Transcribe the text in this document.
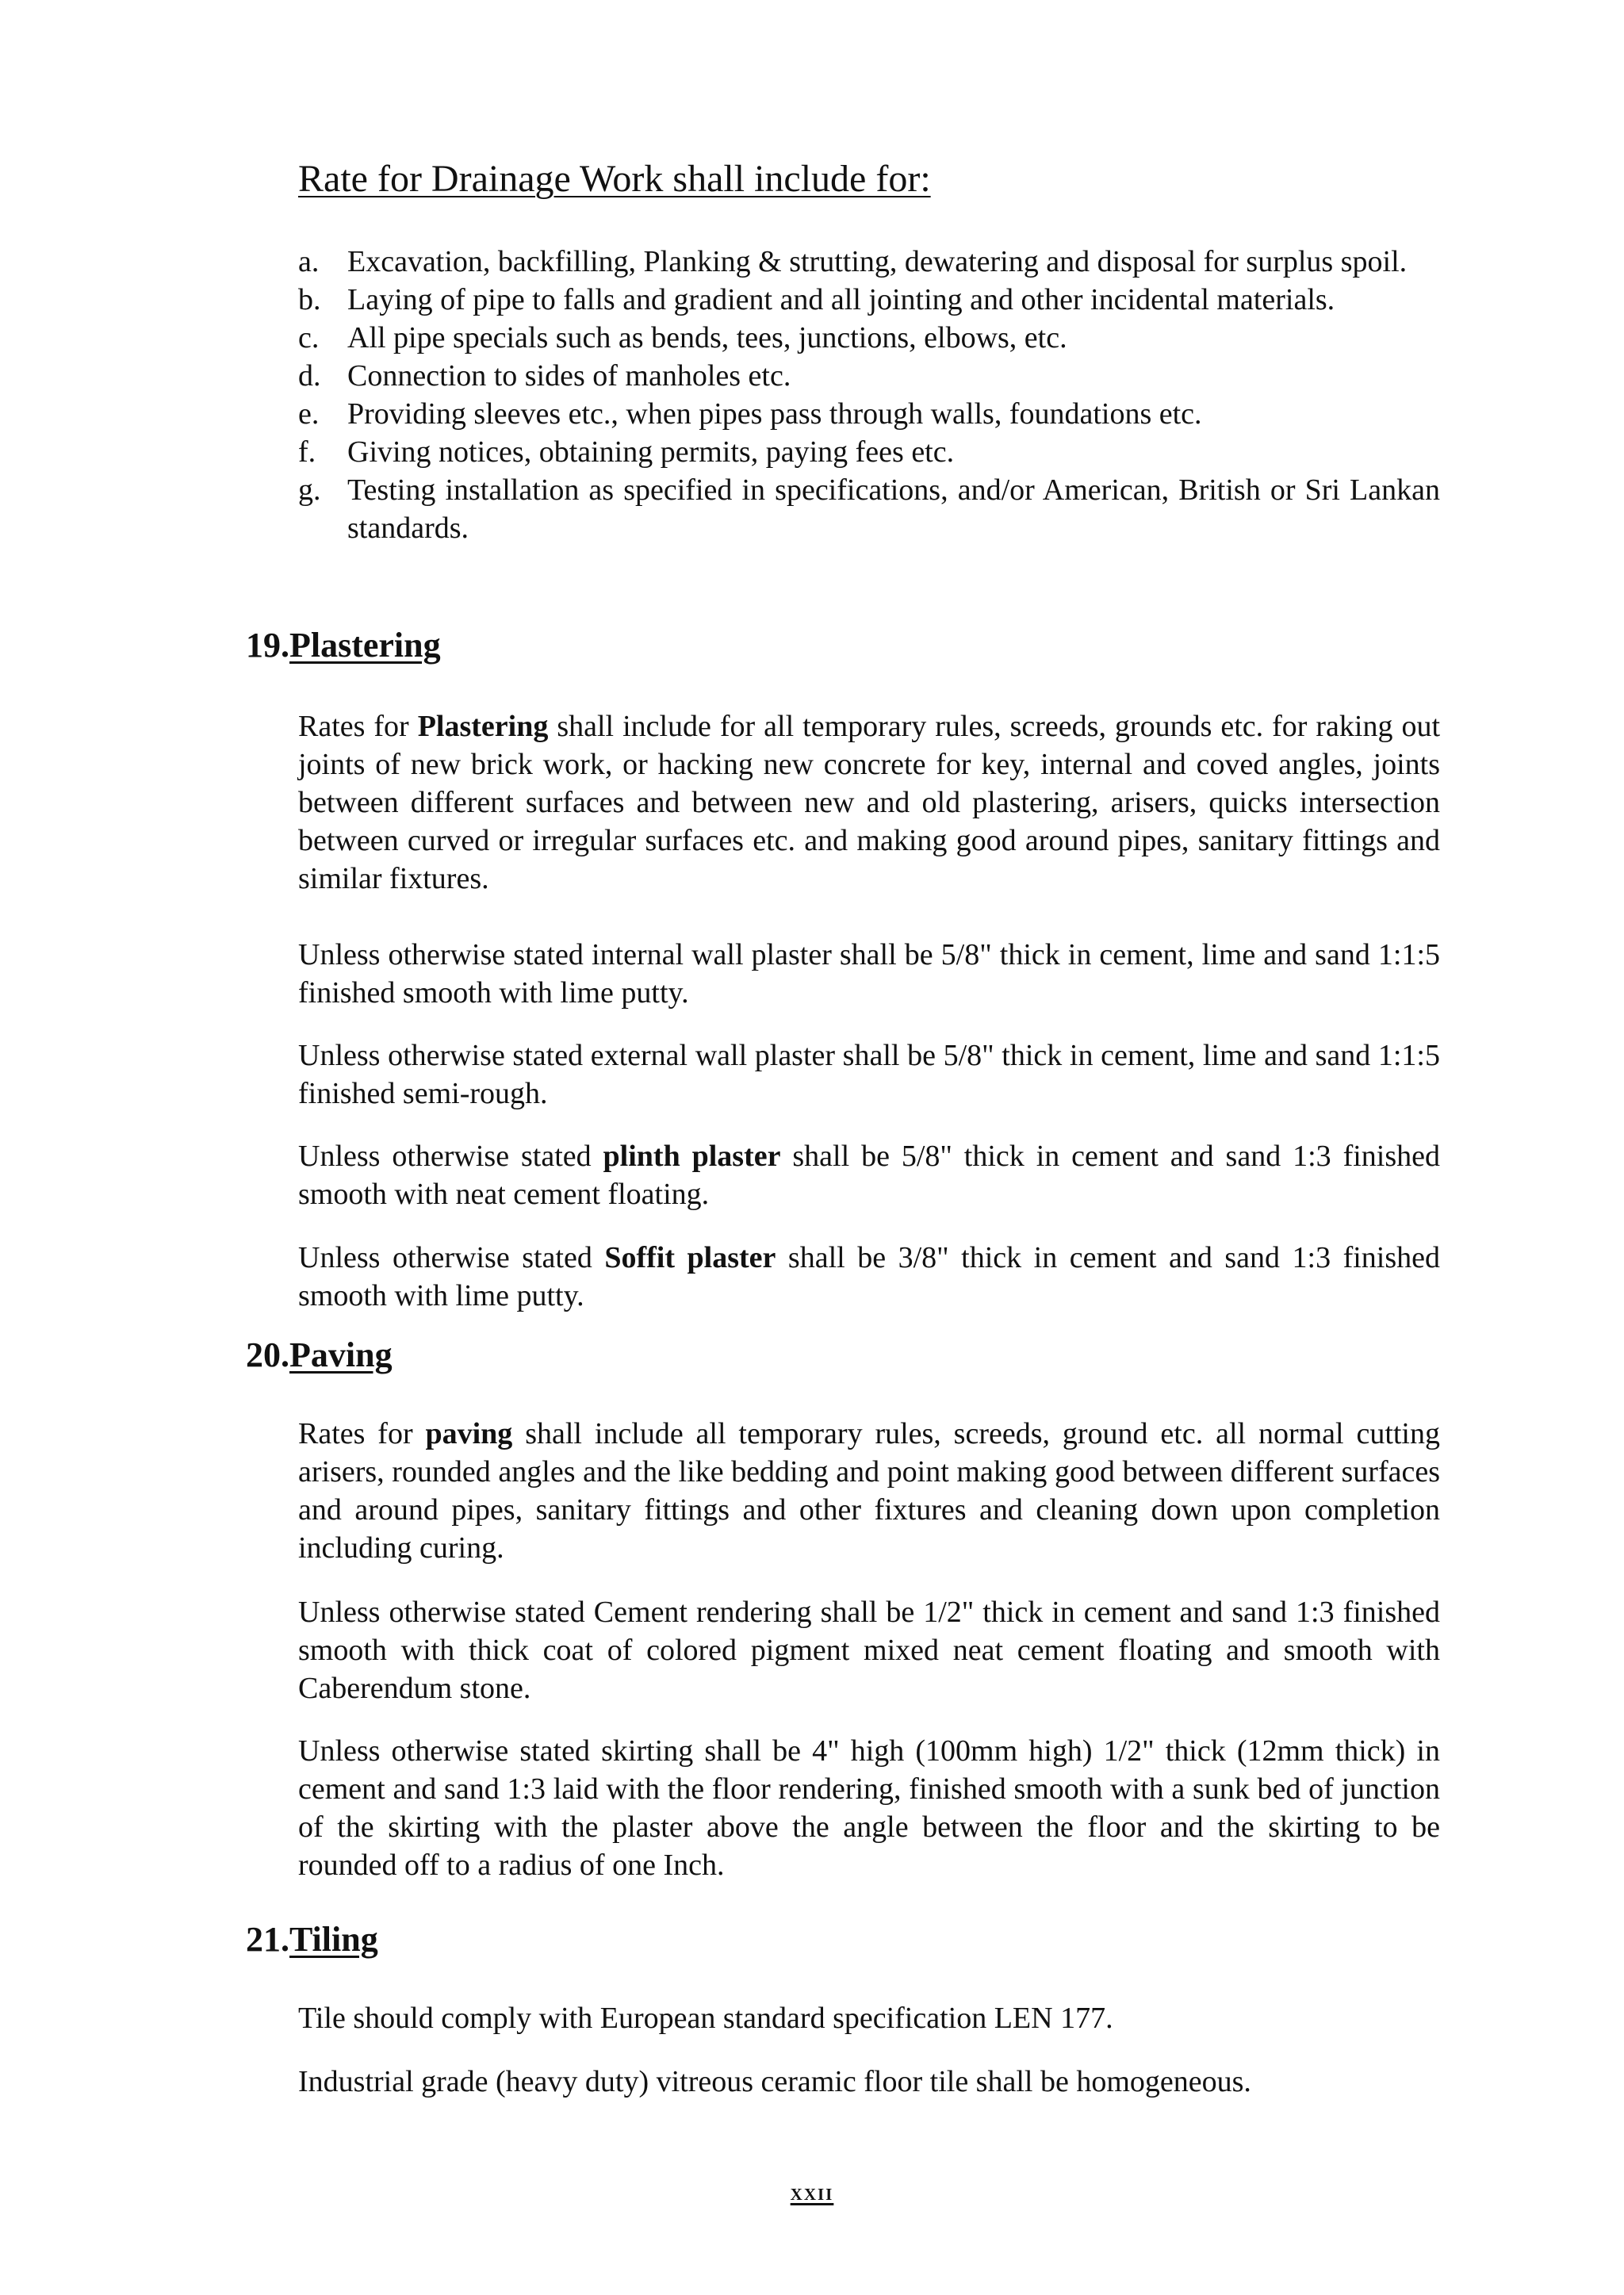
Rate for Drainage Work shall include for:
a. Excavation, backfilling, Planking & strutting, dewatering and disposal for surplus spoil.
b. Laying of pipe to falls and gradient and all jointing and other incidental materials.
c. All pipe specials such as bends, tees, junctions, elbows, etc.
d. Connection to sides of manholes etc.
e. Providing sleeves etc., when pipes pass through walls, foundations etc.
f. Giving notices, obtaining permits, paying fees etc.
g. Testing installation as specified in specifications, and/or American, British or Sri Lankan standards.
19.Plastering

Rates for Plastering shall include for all temporary rules, screeds, grounds etc. for raking out joints of new brick work, or hacking new concrete for key, internal and coved angles, joints between different surfaces and between new and old plastering, arisers, quicks intersection between curved or irregular surfaces etc. and making good around pipes, sanitary fittings and similar fixtures.

Unless otherwise stated internal wall plaster shall be 5/8" thick in cement, lime and sand 1:1:5 finished smooth with lime putty.

Unless otherwise stated external wall plaster shall be 5/8" thick in cement, lime and sand 1:1:5 finished semi-rough.

Unless otherwise stated plinth plaster shall be 5/8" thick in cement and sand 1:3 finished smooth with neat cement floating.

Unless otherwise stated Soffit plaster shall be 3/8" thick in cement and sand 1:3 finished smooth with lime putty.

20.Paving

Rates for paving shall include all temporary rules, screeds, ground etc. all normal cutting arisers, rounded angles and the like bedding and point making good between different surfaces and around pipes, sanitary fittings and other fixtures and cleaning down upon completion including curing.

Unless otherwise stated Cement rendering shall be 1/2" thick in cement and sand 1:3 finished smooth with thick coat of colored pigment mixed neat cement floating and smooth with Caberendum stone.

Unless otherwise stated skirting shall be 4" high (100mm high) 1/2" thick (12mm thick) in cement and sand 1:3 laid with the floor rendering, finished smooth with a sunk bed of junction of the skirting with the plaster above the angle between the floor and the skirting to be rounded off to a radius of one Inch.

21.Tiling

Tile should comply with European standard specification LEN 177.

Industrial grade (heavy duty) vitreous ceramic floor tile shall be homogeneous.

xxii
